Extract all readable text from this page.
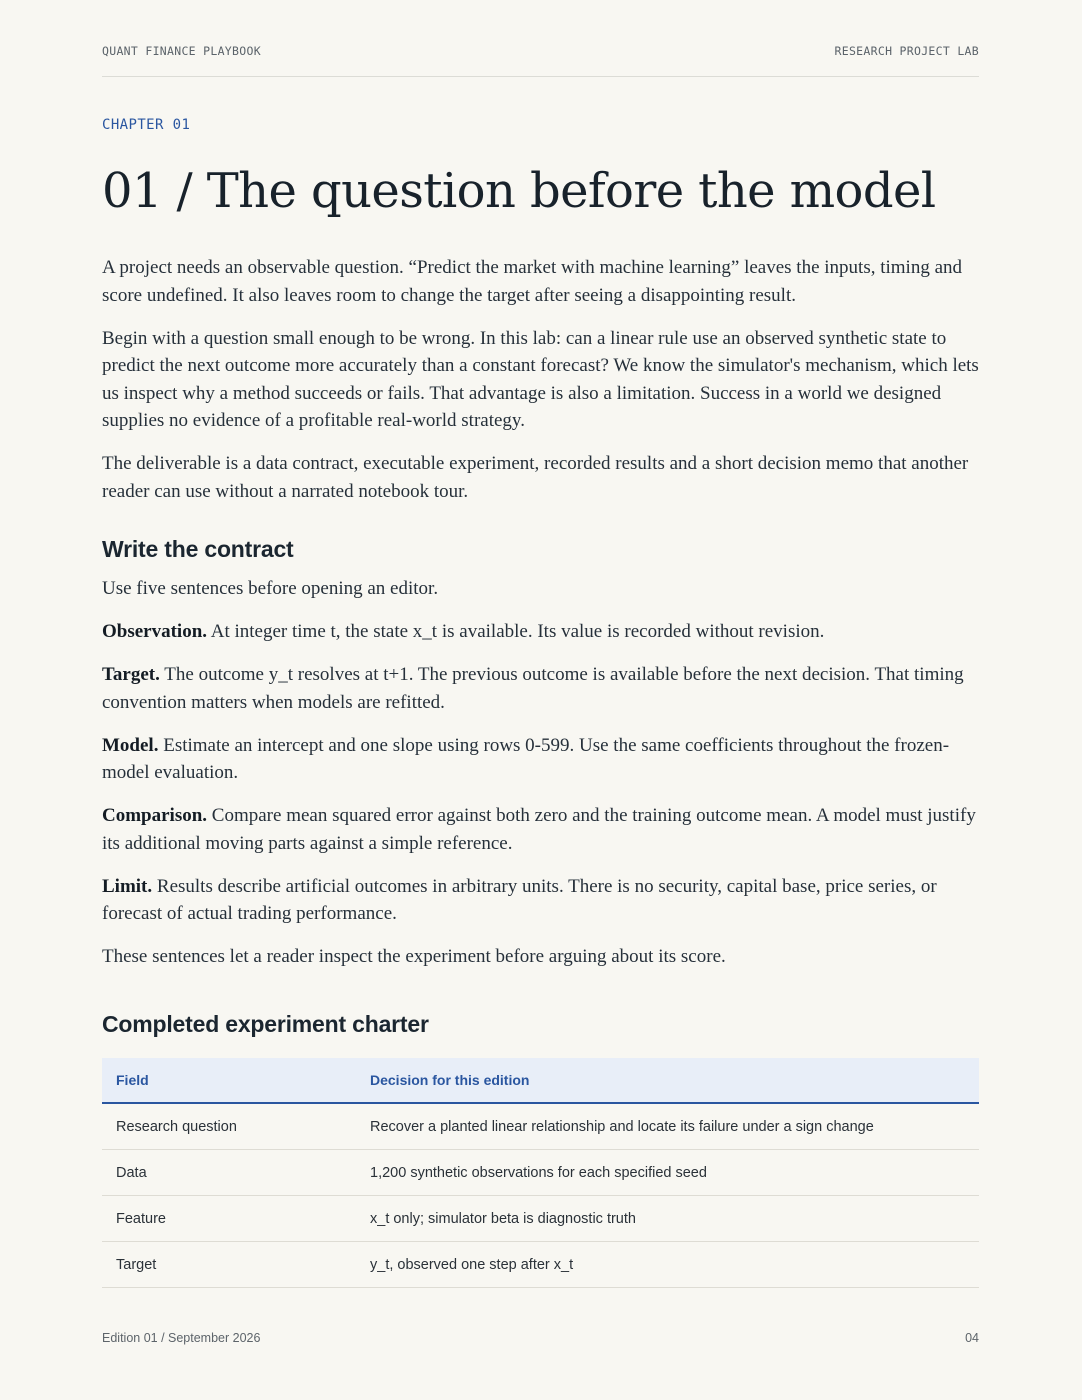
QUANT FINANCE PLAYBOOK	RESEARCH PROJECT LAB
CHAPTER 01
01 / The question before the model

A project needs an observable question. “Predict the market with machine learning” leaves the inputs, timing and score undefined. It also leaves room to change the target after seeing a disappointing result.

Begin with a question small enough to be wrong. In this lab: can a linear rule use an observed synthetic state to predict the next outcome more accurately than a constant forecast? We know the simulator's mechanism, which lets us inspect why a method succeeds or fails. That advantage is also a limitation. Success in a world we designed supplies no evidence of a profitable real-world strategy.

The deliverable is a data contract, executable experiment, recorded results and a short decision memo that another reader can use without a narrated notebook tour.

Write the contract

Use five sentences before opening an editor.

Observation. At integer time t, the state x_t is available. Its value is recorded without revision.

Target. The outcome y_t resolves at t+1. The previous outcome is available before the next decision. That timing convention matters when models are refitted.

Model. Estimate an intercept and one slope using rows 0-599. Use the same coefficients throughout the frozen-model evaluation.

Comparison. Compare mean squared error against both zero and the training outcome mean. A model must justify its additional moving parts against a simple reference.

Limit. Results describe artificial outcomes in arbitrary units. There is no security, capital base, price series, or forecast of actual trading performance.

These sentences let a reader inspect the experiment before arguing about its score.

Completed experiment charter
Field	Decision for this edition
Research question	Recover a planted linear relationship and locate its failure under a sign change
Data	1,200 synthetic observations for each specified seed
Feature	x_t only; simulator beta is diagnostic truth
Target	y_t, observed one step after x_t
Edition 01 / September 2026	04
